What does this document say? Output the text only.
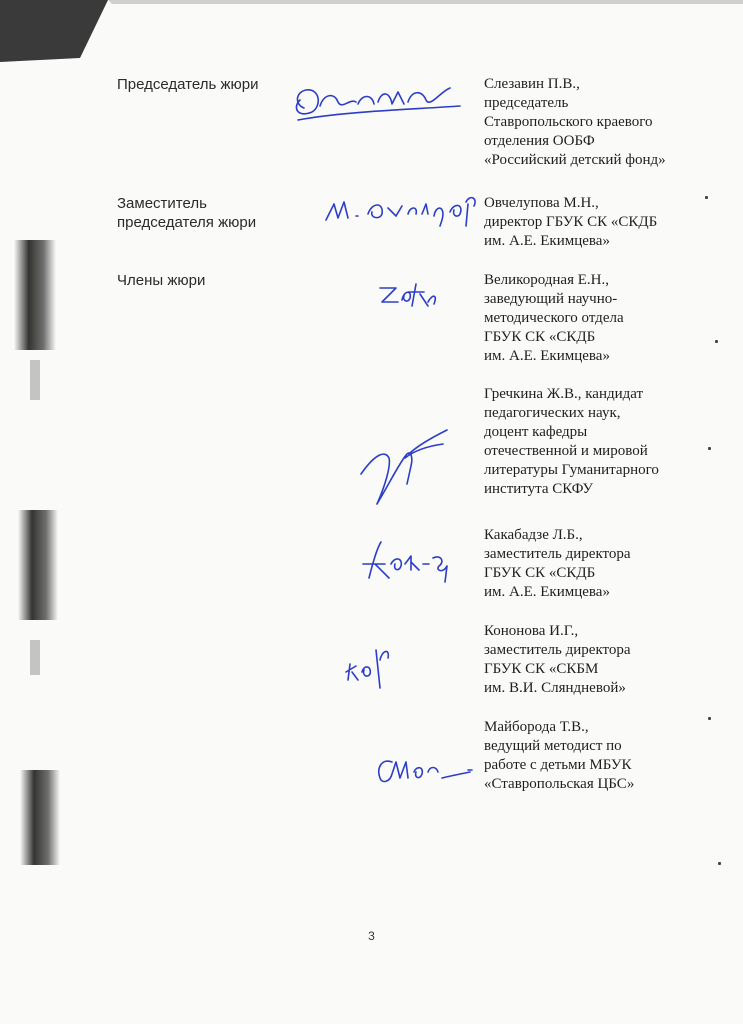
Председатель жюри	Слезавин П.В.,
председатель
Ставропольского краевого
отделения ООБФ
«Российский детский фонд»
Заместитель
председателя жюри
Овчелупова М.Н.,
директор ГБУК СК «СКДБ
им. А.Е. Екимцева»
Члены жюри	Великородная Е.Н.,
заведующий научно-
методического отдела
ГБУК СК «СКДБ
им. А.Е. Екимцева»
Гречкина Ж.В., кандидат
педагогических наук,
доцент кафедры
отечественной и мировой
литературы Гуманитарного
института СКФУ
Какабадзе Л.Б.,
заместитель директора
ГБУК СК «СКДБ
им. А.Е. Екимцева»
Кононова И.Г.,
заместитель директора
ГБУК СК «СКБМ
им. В.И. Сляндневой»
Майборода Т.В.,
ведущий методист по
работе с детьми МБУК
«Ставропольская ЦБС»
3
